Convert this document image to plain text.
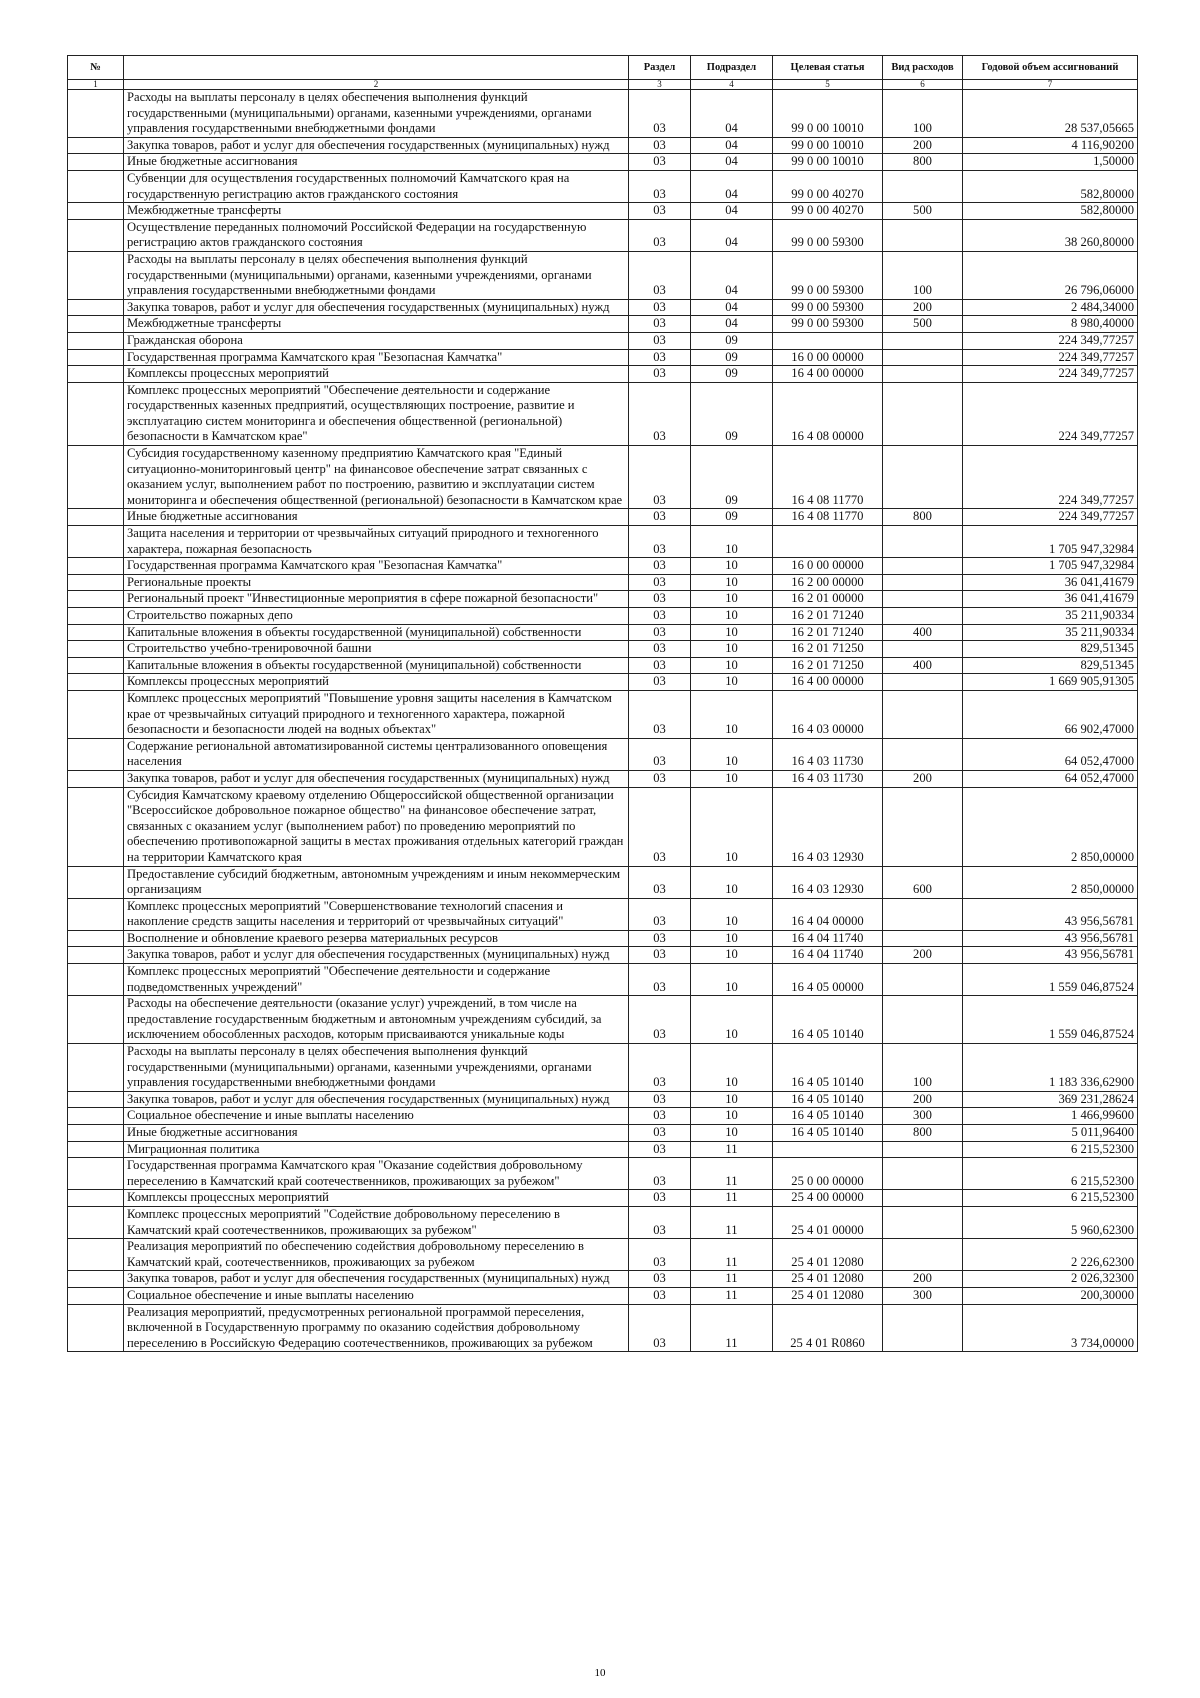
№		Раздел	Подраздел	Целевая статья	Вид расходов	Годовой объем ассигнований
1	2	3	4	5	6	7
	Расходы на выплаты персоналу в целях обеспечения выполнения функций государственными (муниципальными) органами, казенными учреждениями, органами управления государственными внебюджетными фондами	03	04	99 0 00 10010	100	28 537,05665
	Закупка товаров, работ и услуг для обеспечения государственных (муниципальных) нужд	03	04	99 0 00 10010	200	4 116,90200
	Иные бюджетные ассигнования	03	04	99 0 00 10010	800	1,50000
	Субвенции для осуществления государственных полномочий Камчатского края на государственную регистрацию актов гражданского состояния	03	04	99 0 00 40270		582,80000
	Межбюджетные трансферты	03	04	99 0 00 40270	500	582,80000
	Осуществление переданных полномочий Российской Федерации на государственную регистрацию актов гражданского состояния	03	04	99 0 00 59300		38 260,80000
	Расходы на выплаты персоналу в целях обеспечения выполнения функций государственными (муниципальными) органами, казенными учреждениями, органами управления государственными внебюджетными фондами	03	04	99 0 00 59300	100	26 796,06000
	Закупка товаров, работ и услуг для обеспечения государственных (муниципальных) нужд	03	04	99 0 00 59300	200	2 484,34000
	Межбюджетные трансферты	03	04	99 0 00 59300	500	8 980,40000
	Гражданская оборона	03	09			224 349,77257
	Государственная программа Камчатского края "Безопасная Камчатка"	03	09	16 0 00 00000		224 349,77257
	Комплексы процессных мероприятий	03	09	16 4 00 00000		224 349,77257
	Комплекс процессных мероприятий "Обеспечение деятельности и содержание государственных казенных предприятий, осуществляющих построение, развитие и эксплуатацию систем мониторинга и обеспечения общественной (региональной) безопасности в Камчатском крае"	03	09	16 4 08 00000		224 349,77257
	Субсидия государственному казенному предприятию Камчатского края "Единый ситуационно-мониторинговый центр" на финансовое обеспечение затрат связанных с оказанием услуг, выполнением работ по построению, развитию и эксплуатации систем мониторинга и обеспечения общественной (региональной) безопасности в Камчатском крае	03	09	16 4 08 11770		224 349,77257
	Иные бюджетные ассигнования	03	09	16 4 08 11770	800	224 349,77257
	Защита населения и территории от чрезвычайных ситуаций природного и техногенного характера, пожарная безопасность	03	10			1 705 947,32984
	Государственная программа Камчатского края "Безопасная Камчатка"	03	10	16 0 00 00000		1 705 947,32984
	Региональные проекты	03	10	16 2 00 00000		36 041,41679
	Региональный проект "Инвестиционные мероприятия в сфере пожарной безопасности"	03	10	16 2 01 00000		36 041,41679
	Строительство пожарных депо	03	10	16 2 01 71240		35 211,90334
	Капитальные вложения в объекты государственной (муниципальной) собственности	03	10	16 2 01 71240	400	35 211,90334
	Строительство учебно-тренировочной башни	03	10	16 2 01 71250		829,51345
	Капитальные вложения в объекты государственной (муниципальной) собственности	03	10	16 2 01 71250	400	829,51345
	Комплексы процессных мероприятий	03	10	16 4 00 00000		1 669 905,91305
	Комплекс процессных мероприятий "Повышение уровня защиты населения в Камчатском крае от чрезвычайных ситуаций природного и техногенного характера, пожарной безопасности и безопасности людей на водных объектах"	03	10	16 4 03 00000		66 902,47000
	Содержание региональной автоматизированной системы централизованного оповещения населения	03	10	16 4 03 11730		64 052,47000
	Закупка товаров, работ и услуг для обеспечения государственных (муниципальных) нужд	03	10	16 4 03 11730	200	64 052,47000
	Субсидия Камчатскому краевому отделению Общероссийской общественной организации "Всероссийское добровольное пожарное общество" на финансовое обеспечение затрат, связанных с оказанием услуг (выполнением работ) по проведению мероприятий по обеспечению противопожарной защиты в местах проживания отдельных категорий граждан на территории Камчатского края	03	10	16 4 03 12930		2 850,00000
	Предоставление субсидий бюджетным, автономным учреждениям и иным некоммерческим организациям	03	10	16 4 03 12930	600	2 850,00000
	Комплекс процессных мероприятий "Совершенствование технологий спасения и накопление средств защиты населения и территорий от чрезвычайных ситуаций"	03	10	16 4 04 00000		43 956,56781
	Восполнение и обновление краевого резерва материальных ресурсов	03	10	16 4 04 11740		43 956,56781
	Закупка товаров, работ и услуг для обеспечения государственных (муниципальных) нужд	03	10	16 4 04 11740	200	43 956,56781
	Комплекс процессных мероприятий "Обеспечение деятельности и содержание подведомственных учреждений"	03	10	16 4 05 00000		1 559 046,87524
	Расходы на обеспечение деятельности (оказание услуг) учреждений, в том числе на предоставление государственным бюджетным и автономным учреждениям субсидий, за исключением обособленных расходов, которым присваиваются уникальные коды	03	10	16 4 05 10140		1 559 046,87524
	Расходы на выплаты персоналу в целях обеспечения выполнения функций государственными (муниципальными) органами, казенными учреждениями, органами управления государственными внебюджетными фондами	03	10	16 4 05 10140	100	1 183 336,62900
	Закупка товаров, работ и услуг для обеспечения государственных (муниципальных) нужд	03	10	16 4 05 10140	200	369 231,28624
	Социальное обеспечение и иные выплаты населению	03	10	16 4 05 10140	300	1 466,99600
	Иные бюджетные ассигнования	03	10	16 4 05 10140	800	5 011,96400
	Миграционная политика	03	11			6 215,52300
	Государственная программа Камчатского края "Оказание содействия добровольному переселению в Камчатский край соотечественников, проживающих за рубежом"	03	11	25 0 00 00000		6 215,52300
	Комплексы процессных мероприятий	03	11	25 4 00 00000		6 215,52300
	Комплекс процессных мероприятий "Содействие добровольному переселению в Камчатский край соотечественников, проживающих за рубежом"	03	11	25 4 01 00000		5 960,62300
	Реализация мероприятий по обеспечению содействия добровольному переселению в Камчатский край, соотечественников, проживающих за рубежом	03	11	25 4 01 12080		2 226,62300
	Закупка товаров, работ и услуг для обеспечения государственных (муниципальных) нужд	03	11	25 4 01 12080	200	2 026,32300
	Социальное обеспечение и иные выплаты населению	03	11	25 4 01 12080	300	200,30000
	Реализация мероприятий, предусмотренных региональной программой переселения, включенной в Государственную программу по оказанию содействия добровольному переселению в Российскую Федерацию соотечественников, проживающих за рубежом	03	11	25 4 01 R0860		3 734,00000
10
